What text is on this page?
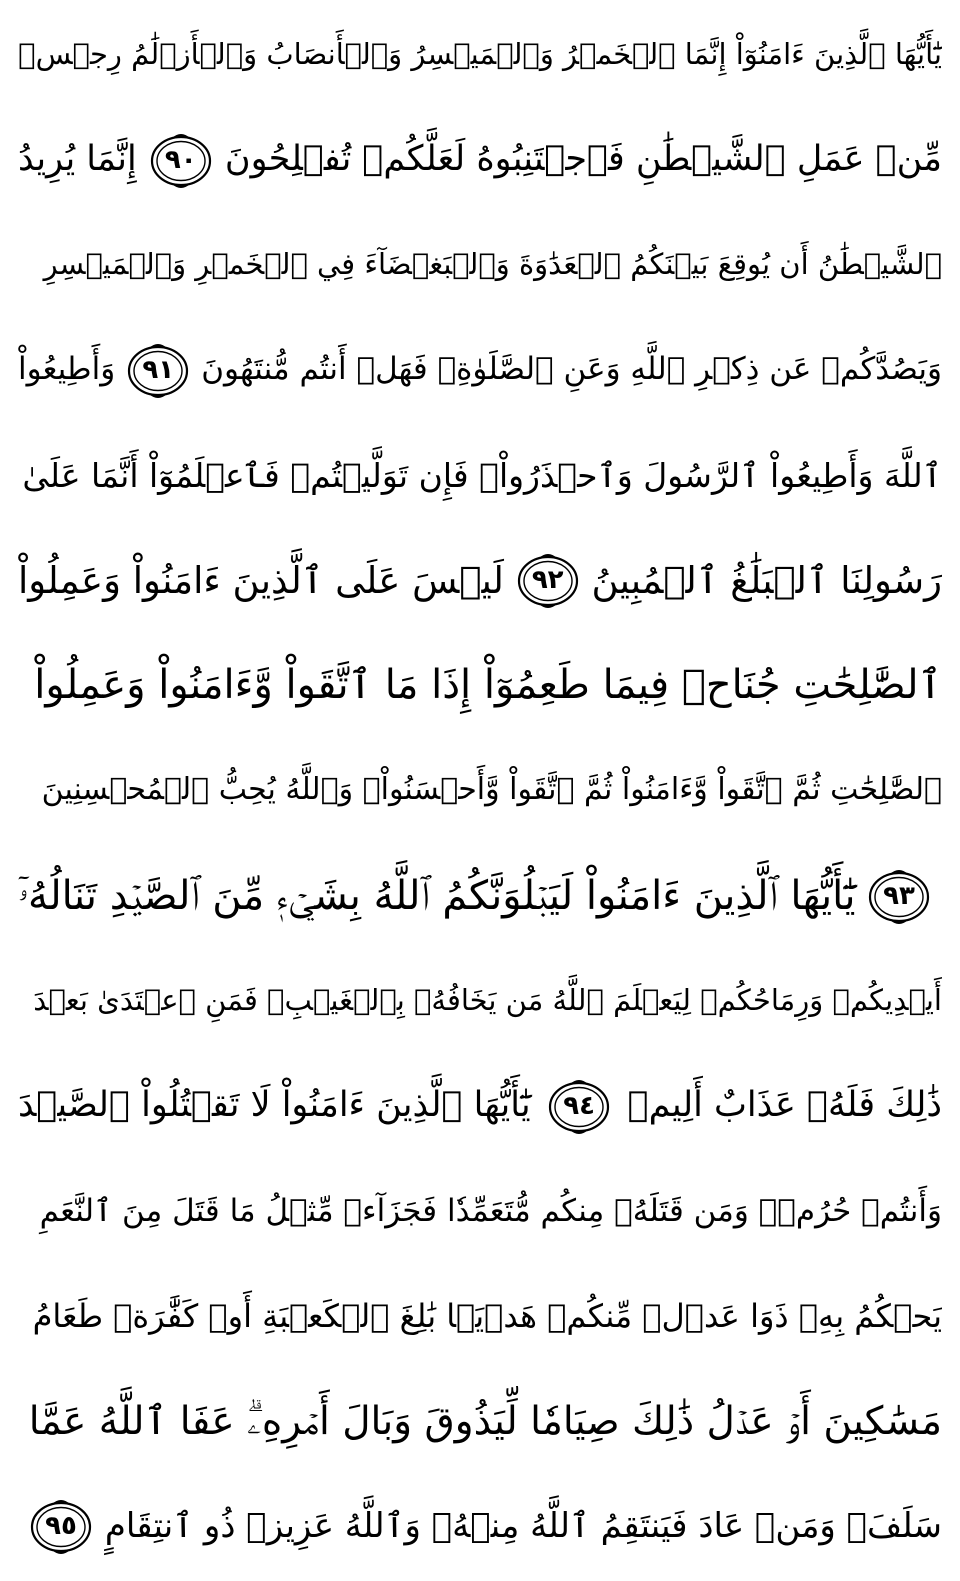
يَٰٓأَيُّهَا ٱلَّذِينَ ءَامَنُوٓاْ إِنَّمَا ٱلۡخَمۡرُ وَٱلۡمَيۡسِرُ وَٱلۡأَنصَابُ وَٱلۡأَزۡلَٰمُ رِجۡسٞ
مِّنۡ عَمَلِ ٱلشَّيۡطَٰنِ فَٱجۡتَنِبُوهُ لَعَلَّكُمۡ تُفۡلِحُونَ
٩٠
إِنَّمَا يُرِيدُ
ٱلشَّيۡطَٰنُ أَن يُوقِعَ بَيۡنَكُمُ ٱلۡعَدَٰوَةَ وَٱلۡبَغۡضَآءَ فِي ٱلۡخَمۡرِ وَٱلۡمَيۡسِرِ
وَيَصُدَّكُمۡ عَن ذِكۡرِ ٱللَّهِ وَعَنِ ٱلصَّلَوٰةِۖ فَهَلۡ أَنتُم مُّنتَهُونَ
٩١
وَأَطِيعُواْ
ٱللَّهَ وَأَطِيعُواْ ٱلرَّسُولَ وَٱحۡذَرُواْۚ فَإِن تَوَلَّيۡتُمۡ فَٱعۡلَمُوٓاْ أَنَّمَا عَلَىٰ
رَسُولِنَا ٱلۡبَلَٰغُ ٱلۡمُبِينُ
٩٢
لَيۡسَ عَلَى ٱلَّذِينَ ءَامَنُواْ وَعَمِلُواْ
ٱلصَّٰلِحَٰتِ جُنَاحٞ فِيمَا طَعِمُوٓاْ إِذَا مَا ٱتَّقَواْ وَّءَامَنُواْ وَعَمِلُواْ
ٱلصَّٰلِحَٰتِ ثُمَّ ٱتَّقَواْ وَّءَامَنُواْ ثُمَّ ٱتَّقَواْ وَّأَحۡسَنُواْۚ وَٱللَّهُ يُحِبُّ ٱلۡمُحۡسِنِينَ
٩٣
يَٰٓأَيُّهَا ٱلَّذِينَ ءَامَنُواْ لَيَبۡلُوَنَّكُمُ ٱللَّهُ بِشَيۡءٖ مِّنَ ٱلصَّيۡدِ تَنَالُهُۥٓ
أَيۡدِيكُمۡ وَرِمَاحُكُمۡ لِيَعۡلَمَ ٱللَّهُ مَن يَخَافُهُۥ بِٱلۡغَيۡبِۚ فَمَنِ ٱعۡتَدَىٰ بَعۡدَ
ذَٰلِكَ فَلَهُۥ عَذَابٌ أَلِيمٞ
٩٤
يَٰٓأَيُّهَا ٱلَّذِينَ ءَامَنُواْ لَا تَقۡتُلُواْ ٱلصَّيۡدَ
وَأَنتُمۡ حُرُمٞۚ وَمَن قَتَلَهُۥ مِنكُم مُّتَعَمِّدٗا فَجَزَآءٞ مِّثۡلُ مَا قَتَلَ مِنَ ٱلنَّعَمِ
يَحۡكُمُ بِهِۦ ذَوَا عَدۡلٖ مِّنكُمۡ هَدۡيَۢا بَٰلِغَ ٱلۡكَعۡبَةِ أَوۡ كَفَّٰرَةٞ طَعَامُ
مَسَٰكِينَ أَوۡ عَدۡلُ ذَٰلِكَ صِيَامٗا لِّيَذُوقَ وَبَالَ أَمۡرِهِۦۗ عَفَا ٱللَّهُ عَمَّا
سَلَفَۚ وَمَنۡ عَادَ فَيَنتَقِمُ ٱللَّهُ مِنۡهُۚ وَٱللَّهُ عَزِيزٞ ذُو ٱنتِقَامٍ
٩٥
